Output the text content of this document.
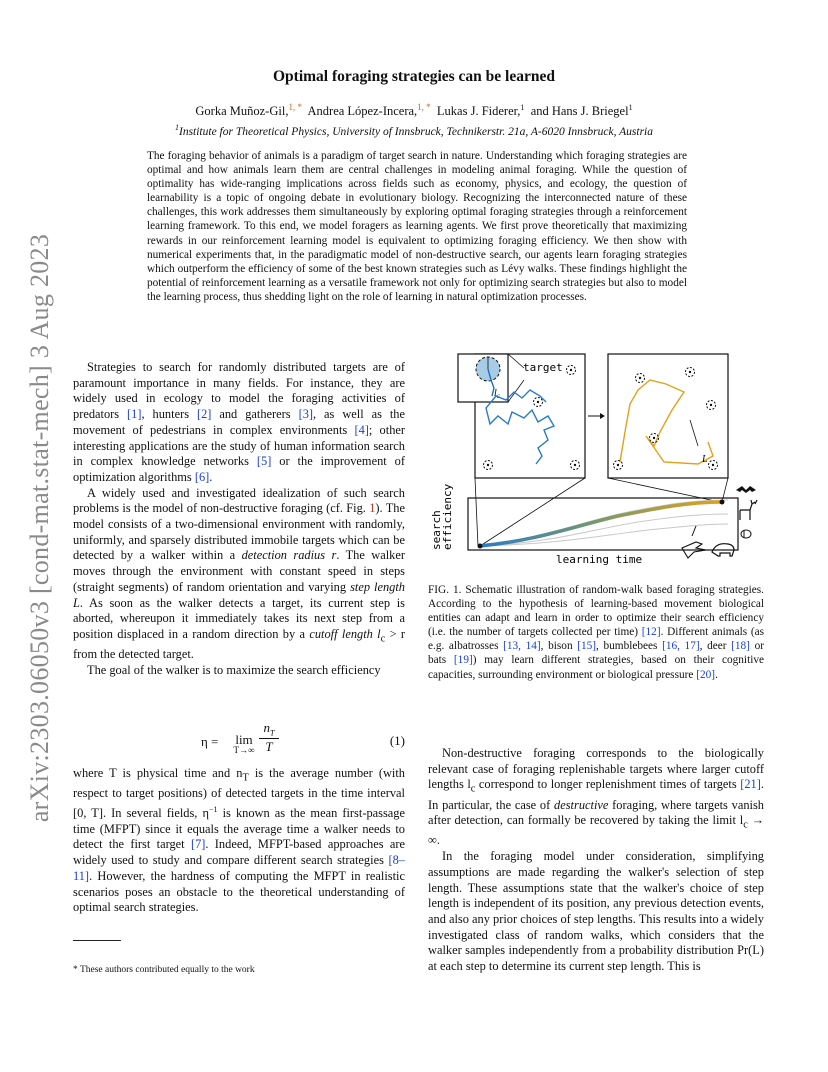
arXiv:2303.06050v3 [cond-mat.stat-mech] 3 Aug 2023
Optimal foraging strategies can be learned
Gorka Muñoz-Gil,$^{1, *}$ Andrea López-Incera,$^{1, *}$ Lukas J. Fiderer,$^1$ and Hans J. Briegel$^1$
$^1$Institute for Theoretical Physics, University of Innsbruck, Technikerstr. 21a, A-6020 Innsbruck, Austria
The foraging behavior of animals is a paradigm of target search in nature. Understanding which foraging strategies are optimal and how animals learn them are central challenges in modeling animal foraging. While the question of optimality has wide-ranging implications across fields such as economy, physics, and ecology, the question of learnability is a topic of ongoing debate in evolutionary biology. Recognizing the interconnected nature of these challenges, this work addresses them simultaneously by exploring optimal foraging strategies through a reinforcement learning framework. To this end, we model foragers as learning agents. We first prove theoretically that maximizing rewards in our reinforcement learning model is equivalent to optimizing foraging efficiency. We then show with numerical experiments that, in the paradigmatic model of non-destructive search, our agents learn foraging strategies which outperform the efficiency of some of the best known strategies such as Lévy walks. These findings highlight the potential of reinforcement learning as a versatile framework not only for optimizing search strategies but also to model the learning process, thus shedding light on the role of learning in natural optimization processes.

Strategies to search for randomly distributed targets are of paramount importance in many fields. For instance, they are widely used in ecology to model the foraging activities of predators [1], hunters [2] and gatherers [3], as well as the movement of pedestrians in complex environments [4]; other interesting applications are the study of human information search in complex knowledge networks [5] or the improvement of optimization algorithms [6].

A widely used and investigated idealization of such search problems is the model of non-destructive foraging (cf. Fig. 1). The model consists of a two-dimensional environment with randomly, uniformly, and sparsely distributed immobile targets which can be detected by a walker within a detection radius r. The walker moves through the environment with constant speed in steps (straight segments) of random orientation and varying step length L. As soon as the walker detects a target, its current step is aborted, whereupon it immediately takes its next step from a position displaced in a random direction by a cutoff length $l_c > r$ from the detected target.

The goal of the walker is to maximize the search efficiency

η =	lim
T→∞
$n_T$
T	(1)

where T is physical time and $n_T$ is the average number (with respect to target positions) of detected targets in the time interval [0, T]. In several fields, $\eta^{-1}$ is known as the mean first-passage time (MFPT) since it equals the average time a walker needs to detect the first target [7]. Indeed, MFPT-based approaches are widely used to study and compare different search strategies [8–11]. However, the hardness of computing the MFPT in realistic scenarios poses an obstacle to the theoretical understanding of optimal search strategies.

* These authors contributed equally to the work
$l_c$
target
L
searchefficiency
learning time
FIG. 1. Schematic illustration of random-walk based foraging strategies. According to the hypothesis of learning-based movement biological entities can adapt and learn in order to optimize their search efficiency (i.e. the number of targets collected per time) [12]. Different animals (as e.g. albatrosses [13, 14], bison [15], bumblebees [16, 17], deer [18] or bats [19]) may learn different strategies, based on their cognitive capacities, surrounding environment or biological pressure [20].

Non-destructive foraging corresponds to the biologically relevant case of foraging replenishable targets where larger cutoff lengths $l_c$ correspond to longer replenishment times of targets [21]. In particular, the case of destructive foraging, where targets vanish after detection, can formally be recovered by taking the limit $l_c$ → ∞.

In the foraging model under consideration, simplifying assumptions are made regarding the walker's selection of step length. These assumptions state that the walker's choice of step length is independent of its position, any previous detection events, and also any prior choices of step lengths. This results into a widely investigated class of random walks, which considers that the walker samples independently from a probability distribution Pr(L) at each step to determine its current step length. This is
